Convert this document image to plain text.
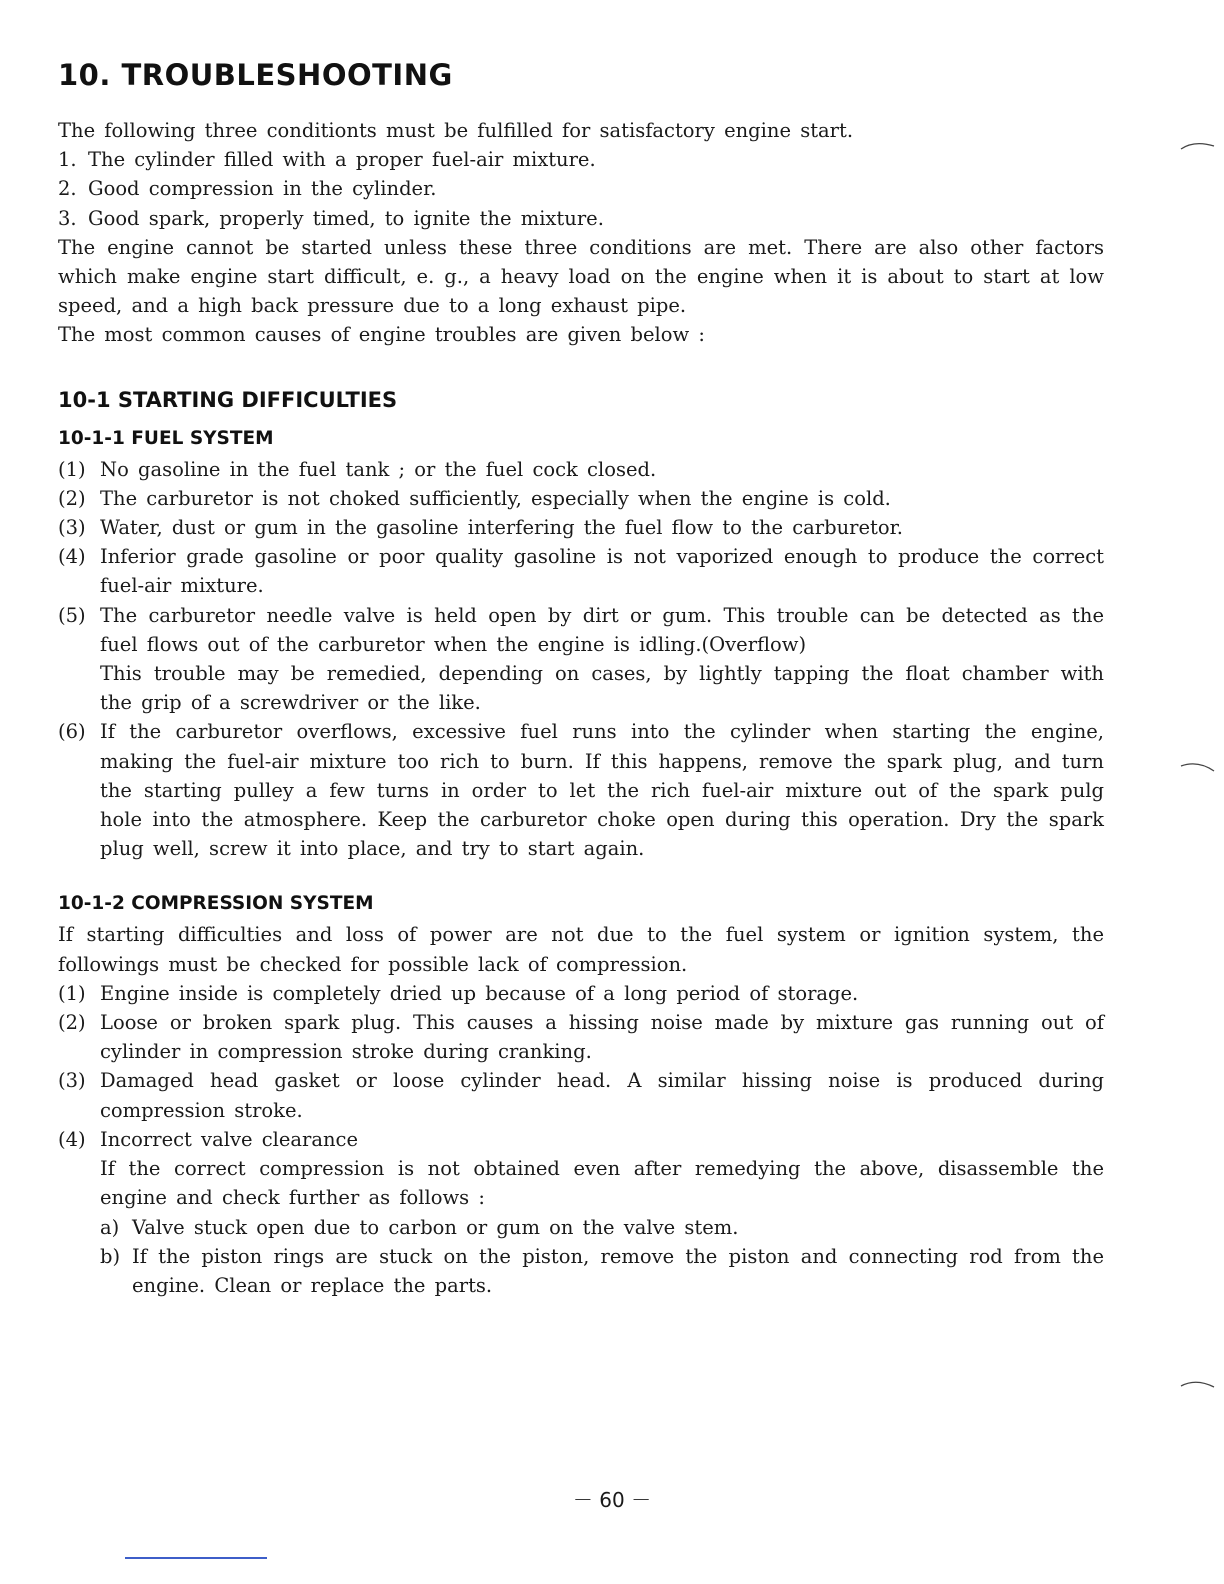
10. TROUBLESHOOTING

The following three conditionts must be fulfilled for satisfactory engine start.

1. The cylinder filled with a proper fuel-air mixture.
2. Good compression in the cylinder.
3. Good spark, properly timed, to ignite the mixture.

The engine cannot be started unless these three conditions are met. There are also other factors which make engine start difficult, e. g., a heavy load on the engine when it is about to start at low speed, and a high back pressure due to a long exhaust pipe.

The most common causes of engine troubles are given below :

10-1 STARTING DIFFICULTIES
10-1-1 FUEL SYSTEM
(1) No gasoline in the fuel tank ; or the fuel cock closed.
(2) The carburetor is not choked sufficiently, especially when the engine is cold.
(3) Water, dust or gum in the gasoline interfering the fuel flow to the carburetor.
(4) Inferior grade gasoline or poor quality gasoline is not vaporized enough to produce the correct fuel-air mixture.
(5) The carburetor needle valve is held open by dirt or gum. This trouble can be detected as the fuel flows out of the carburetor when the engine is idling.(Overflow)
This trouble may be remedied, depending on cases, by lightly tapping the float chamber with the grip of a screwdriver or the like.
(6) If the carburetor overflows, excessive fuel runs into the cylinder when starting the engine, making the fuel-air mixture too rich to burn. If this happens, remove the spark plug, and turn the starting pulley a few turns in order to let the rich fuel-air mixture out of the spark pulg hole into the atmosphere. Keep the carburetor choke open during this operation. Dry the spark plug well, screw it into place, and try to start again.
10-1-2 COMPRESSION SYSTEM

If starting difficulties and loss of power are not due to the fuel system or ignition system, the followings must be checked for possible lack of compression.

(1) Engine inside is completely dried up because of a long period of storage.
(2) Loose or broken spark plug. This causes a hissing noise made by mixture gas running out of cylinder in compression stroke during cranking.
(3) Damaged head gasket or loose cylinder head. A similar hissing noise is produced during compression stroke.
(4) Incorrect valve clearance
If the correct compression is not obtained even after remedying the above, disassemble the engine and check further as follows :
a) Valve stuck open due to carbon or gum on the valve stem.
b) If the piston rings are stuck on the piston, remove the piston and connecting rod from the engine. Clean or replace the parts.
－ 60 －
